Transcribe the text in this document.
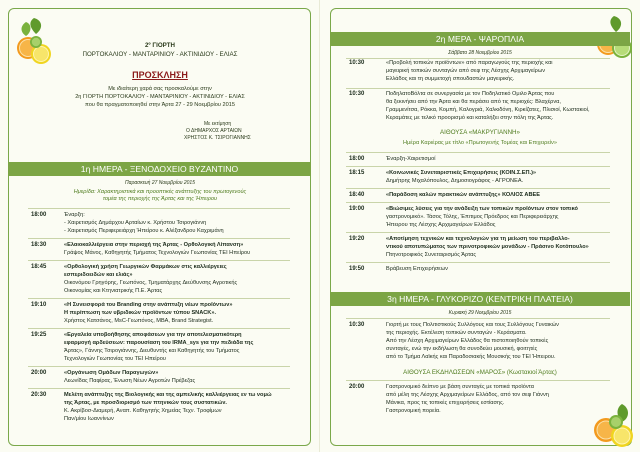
2º ΓΙΟΡΤΗ
ΠΟΡΤΟΚΑΛΙΟΥ - ΜΑΝΤΑΡΙΝΙΟΥ - ΑΚΤΙΝΙΔΙΟΥ - ΕΛΙΑΣ
ΠΡΟΣΚΛΗΣΗ
Με ιδιαίτερη χαρά σας προσκαλούμε στην
2η ΓΙΟΡΤΗ ΠΟΡΤΟΚΑΛΙΟΥ - ΜΑΝΤΑΡΙΝΙΟΥ - ΑΚΤΙΝΙΔΙΟΥ - ΕΛΙΑΣ
που θα πραγματοποιηθεί στην Άρτα 27 - 29 Νοεμβρίου 2015
Με εκτίμηση
Ο ΔΗΜΑΡΧΟΣ ΑΡΤΑΙΩΝ
ΧΡΗΣΤΟΣ Κ. ΤΣΙΡΟΓΙΑΝΝΗΣ
1η ΗΜΕΡΑ - ΞΕΝΟΔΟΧΕΙΟ ΒΥΖΑΝΤΙΝΟ
Παρασκευή 27 Νοεμβρίου 2015
Ημερίδα: Χαρακτηριστικά και προοπτικές ανάπτυξης του πρωτογενούς
τομέα της περιοχής της Άρτας και της Ήπειρου
18:00	Έναρξη:
- Χαιρετισμός Δημάρχου Αρταίων κ. Χρήστου Τσιρογιάννη
- Χαιρετισμός Περιφερειάρχη Ήπείρου κ. Αλέξανδρου Καχριμάνη
18:30	«Ελαιοκαλλιέργεια στην περιοχή της Άρτας - Ορθολογική Λίπανση»
Γράψος Μάνος, Καθηγητής Τμήματος Τεχνολογιών Γεωπονίας ΤΕΙ Ηπείρου
18:45	«Ορθολογική χρήση Γεωργικών Φαρμάκων στις καλλιέργειες
εσπεριδοειδών και ελιάς»
Οικονόμου Γρηγόρης, Γεωπόνος, Τμηματάρχης Διεύθυνσης Αγροτικής
Οικονομίας και Κτηνιατρικής Π.Ε. Άρτας
19:10	«Η Συνεισφορά του Branding στην ανάπτυξη νέων προϊόντων»
Η περίπτωση των υβριδικών προϊόντων τύπου SNACK».
Χρήστος Κατσάνος, MsC-Γεωπόνος, MBA, Brand Strategist.
19:25	«Εργαλεία υποβοήθησης αποφάσεων για την αποτελεσματικότερη
εφαρμογή αρδεύσεων: παρουσίαση του IRMA_sys για την πεδιάδα της
Άρτας», Γάννης Τσιρογιάννης, Διευθυντής και Καθηγητής του Τμήματος
Τεχνολογιών Γεωπονίας του ΤΕΙ Ηπείρου
20:00	«Οργάνωση Ομάδων Παραγωγών»
Λεωνίδας Παφίρας, Ένωση Νέων Αγροτών Πρέβεζας
20:30	Μελέτη ανάπτυξης της Βιολογικής και της αμπελικής καλλιέργειας εν τω νομώ
της Άρτας, με προσδιορισμό των πτηνικών τους συστατικών.
Κ. Ακρίβοσ-Διαμερή, Αναπ. Καθηγητής Χημείας Τεχν. Τροφίμων
Παν/μίου Ιωαννίνων
2η ΜΕΡΑ - ΨΑΡΟΠΛΙΑ
Σάββατο 28 Νοεμβρίου 2015
10:30	«Προβολή τοπικών προϊόντων» από παραγωγούς της περιοχής και
μαγειρική τοπικών συνταγών από σεφ της Λέσχης Αρχιμαγείρων
Ελλάδος και τη συμμετοχή σπουδαστών μαγειρικής.
10:30	ΠοδηλατοΒόλτα σε συνεργασία με τον Ποδηλατικό Ομιλο Άρτας που
θα ξεκινήσει από την Άρτα και θα περάσει από τις περιοχές: Βλαχέρνα,
Γραμμενίτσα, Ρόκκα, Κομπή, Καλογριά, Χαλκιδόνη, Κιρκίζατες, Πλισιοί, Κωστακιοί,
Κεραμάτες με τελικό προορισμό και καταλήξει στην πόλη της Άρτας.
ΑΙΘΟΥΣΑ «ΜΑΚΡΥΓΙΑΝΝΗ»
Ημέρα Καριέρας με τίτλο «Πρωτογενής Τομέας και Επιχειρείν»
18:00	Έναρξη-Χαιρετισμοί
18:15	«Κοινωνικές Συνεταιριστικές Επιχειρήσεις (ΚΟΙΝ.Σ.ΕΠ.)»
Δημήτρης Μιχαλόπουλος, Δημοσιογράφος - ΑΓΡΟΝΕΑ.
18:40	«Παράδοση καλών πρακτικών ανάπτυξης» ΚΟΛΙΟΣ ΑΒΕΕ
19:00	«Βιώσιμες λύσεις για την ανάδειξη των τοπικών προϊόντων στον τοπικό
γαστρονομικό». Τάσος Τόλης, Έπιτιμος Πρόεδρος και Περιφερειάρχης
Ήπειρου της Λέσχης Αρχιμαγείρων Ελλάδος
19:20	«Αποτίμηση τεχνικών και τεχνολογιών για τη μείωση του περιβαλλο-
ντικού αποτυπώματος των πρινοτροφικών μονάδων - Πράσινο Κοτόπουλο»
Πτηνοτροφικός Συνεταιρισμός Άρτας
19:50	Βράβευση Επιχειρήσεων
3η ΗΜΕΡΑ - ΓΛΥΚΟΡΙΖΟ (ΚΕΝΤΡΙΚΗ ΠΛΑΤΕΙΑ)
Κυριακή 29 Νοεμβρίου 2015
10:30	Γιορτή με τους Πολιτιστικούς Συλλόγους και τους Συλλόγους Γυναικών
της περιοχής. Εκτέλεση τοπικών συνταγών - Κεράσματα.
Από την Λέσχη Αρχιμαγείρων Ελλάδος θα πιστοποιηθούν τοπικές
συνταγές, ενώ την εκδήλωση θα συνοδεύει μουσική, φοιτητές
από το Τμήμα Λαϊκής και Παραδοσιακής Μουσικής του ΤΕΙ Ήπειρου.
ΑΙΘΟΥΣΑ ΕΚΔΗΛΩΣΕΩΝ «ΜΑΡΟΣ» (Κωστακιοί Άρτας)
20:00	Γαστρονομικό δείπνο με βάση συνταγές με τοπικά προϊόντα
από μέλη της Λέσχης Αρχιμαγείρων Ελλάδος, από τον σεφ Γιάννη
Μάνικα, προς τις τοπικές επιχειρήσεις εστίασης.
Γαστρονομική πορεία.
